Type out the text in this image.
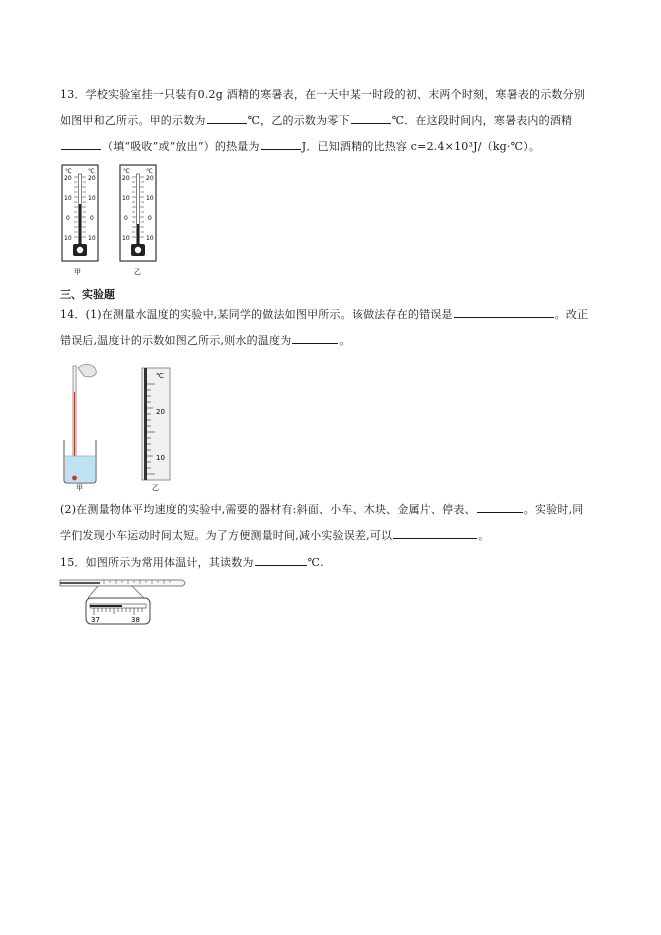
13．学校实验室挂一只装有0.2g 酒精的寒暑表，在一天中某一时段的初、末两个时刻，寒暑表的示数分别
如图甲和乙所示。甲的示数为	℃，乙的示数为零下	℃．在这段时间内，寒暑表内的酒精
（填“吸收”或“放出”）的热量为	J．已知酒精的比热容 c=2.4×10³J/（kg·℃）。
℃	℃
20	20
10	10
0	0
10	10
甲
℃	℃
20	20
10	10
0	0
10	10
乙
三、实验题
14．(1)在测量水温度的实验中,某同学的做法如图甲所示。该做法存在的错误是	。改正
错误后,温度计的示数如图乙所示,则水的温度为	。
℃
20
10
甲	乙
(2)在测量物体平均速度的实验中,需要的器材有:斜面、小车、木块、金属片、停表、	。实验时,同
学们发现小车运动时间太短。为了方便测量时间,减小实验误差,可以	。
15．如图所示为常用体温计，其读数为	℃.
37	38
